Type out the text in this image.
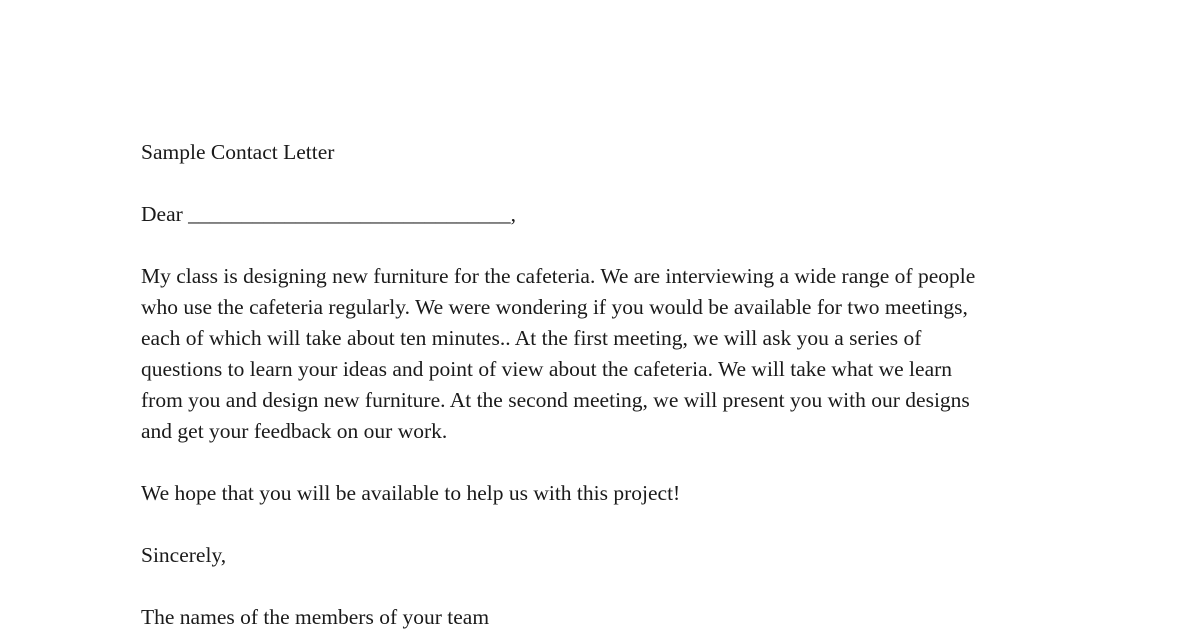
Sample Contact Letter

Dear ______________________________,

My class is designing new furniture for the cafeteria. We are interviewing a wide range of people

who use the cafeteria regularly. We were wondering if you would be available for two meetings,

each of which will take about ten minutes.. At the first meeting, we will ask you a series of

questions to learn your ideas and point of view about the cafeteria. We will take what we learn

from you and design new furniture. At the second meeting, we will present you with our designs

and get your feedback on our work.

We hope that you will be available to help us with this project!

Sincerely,

The names of the members of your team
